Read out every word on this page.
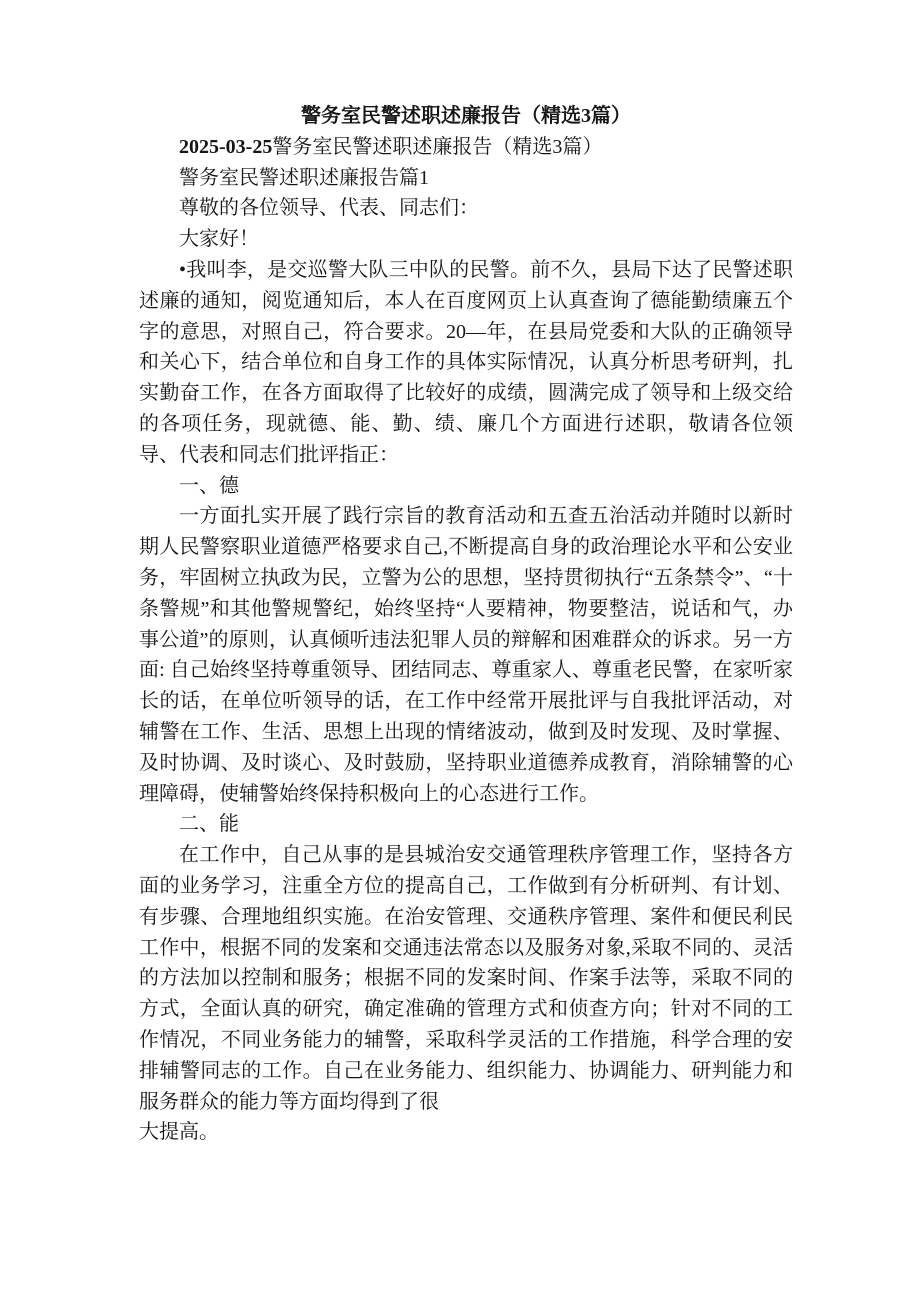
警务室民警述职述廉报告（精选3篇）

2025-03-25警务室民警述职述廉报告（精选3篇）

警务室民警述职述廉报告篇1

尊敬的各位领导、代表、同志们：

大家好！

•我叫李，是交巡警大队三中队的民警。前不久，县局下达了民警述职述廉的通知，阅览通知后，本人在百度网页上认真查询了德能勤绩廉五个字的意思，对照自己，符合要求。20—年，在县局党委和大队的正确领导和关心下，结合单位和自身工作的具体实际情况，认真分析思考研判，扎实勤奋工作，在各方面取得了比较好的成绩，圆满完成了领导和上级交给的各项任务，现就德、能、勤、绩、廉几个方面进行述职，敬请各位领导、代表和同志们批评指正：

一、德

一方面扎实开展了践行宗旨的教育活动和五查五治活动并随时以新时期人民警察职业道德严格要求自己,不断提高自身的政治理论水平和公安业务，牢固树立执政为民，立警为公的思想，坚持贯彻执行“五条禁令”、“十条警规”和其他警规警纪，始终坚持“人要精神，物要整洁，说话和气，办事公道”的原则，认真倾听违法犯罪人员的辩解和困难群众的诉求。另一方面: 自己始终坚持尊重领导、团结同志、尊重家人、尊重老民警，在家听家长的话，在单位听领导的话，在工作中经常开展批评与自我批评活动，对辅警在工作、生活、思想上出现的情绪波动，做到及时发现、及时掌握、及时协调、及时谈心、及时鼓励，坚持职业道德养成教育，消除辅警的心理障碍，使辅警始终保持积极向上的心态进行工作。

二、能

在工作中，自己从事的是县城治安交通管理秩序管理工作，坚持各方面的业务学习，注重全方位的提高自己，工作做到有分析研判、有计划、有步骤、合理地组织实施。在治安管理、交通秩序管理、案件和便民利民工作中，根据不同的发案和交通违法常态以及服务对象,采取不同的、灵活的方法加以控制和服务；根据不同的发案时间、作案手法等，采取不同的方式，全面认真的研究，确定准确的管理方式和侦查方向；针对不同的工作情况，不同业务能力的辅警，采取科学灵活的工作措施，科学合理的安排辅警同志的工作。自己在业务能力、组织能力、协调能力、研判能力和服务群众的能力等方面均得到了很

大提高。
